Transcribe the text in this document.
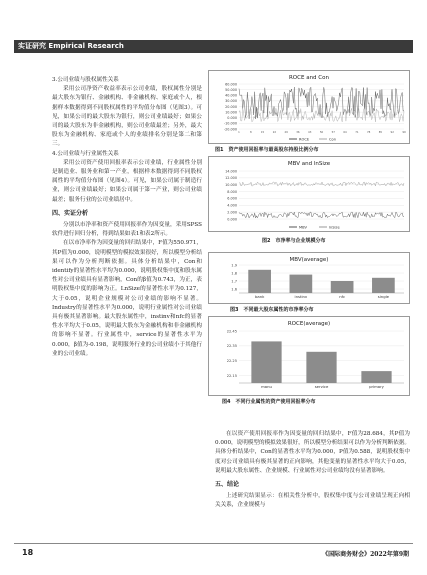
实证研究 Empirical Research

3.公司业绩与股权属性关系

采用公司净资产收益率表示公司业绩，股权属性分别是最大股东为银行、金融机构、非金融机构、家庭或个人，根据样本数据得到不同股权属性的平均值分布图（见图3）。可见，如果公司的最大股东为银行，则公司业绩最好；如果公司的最大股东为非金融机构，则公司业绩最差；另外，最大股东为金融机构、家庭或个人的业绩排名分别是第二和第三。

4.公司业绩与行业属性关系

采用公司资产使用回报率表示公司业绩，行业属性分别是制造业、服务业和第一产业，根据样本数据得到不同股权属性的平均值分布图（见图4）。可见，如果公司属于制造行业，则公司业绩最好；如果公司属于第一产业，则公司业绩最差；服务行业的公司业绩居中。

四、实证分析

分别以市净率和资产使用回报率作为因变量，采用SPSS软件进行回归分析，得到结果如表1和表2所示。

在以市净率作为因变量的回归结果中，F值为550.971，其P值为0.000，说明模型的模拟效果很好，所以模型分析结果可以作为分析判断依据。具体分析结果中，Con和identify的显著性水平均为0.000，说明股权集中度和股东属性对公司业绩具有显著影响，Con的β值为0.743，为正，表明股权集中度的影响为正。LnSize的显著性水平为0.127，大于0.05，说明企业规模对公司业绩的影响不显著。Industry的显著性水平为0.000，说明行业属性对公司业绩具有极其显著影响。最大股东属性中，instinv和nfc的显著性水平均大于0.05，说明最大股东为金融机构和非金融机构的影响不显著。行业属性中，service的显著性水平为0.000，β值为-0.198，说明服务行业的公司业绩小于其他行业的公司业绩。

在以资产使用回报率作为因变量的回归结果中，F值为28.684，其P值为0.000，说明模型的模拟效果很好，所以模型分析结果可以作为分析判断依据。具体分析结果中，Con的显著性水平均为0.000，P值为0.588，说明股权集中度对公司业绩具有极其显著的正向影响，其他变量的显著性水平均大于0.05，说明最大股东属性、企业规模、行业属性对公司业绩均没有显著影响。

五、结论

上述研究结果显示：在相关性分析中，股权集中度与公司业绩呈现正向相关关系，企业规模与

ROCE and Con
60.000
50.000
40.000
30.000
20.000
10.000
0.000
-10.000
-20.000
1	8	15	22	29	36	43	50	57	64	71	78	85	92	99
ROCE	Con
图1　资产使用回报率与最高股东持股比例分布
MBV and lnSize
14.000
12.000
10.000
8.000
6.000
4.000
2.000
0.000
MBV	lnSize
图2　市净率与企业规模分布
MBV(average)
1.9
1.8
1.7
1.6
bank	instinv	nfc	single
图3　不同最大股东属性的市净率分布
ROCE(average)
22.45
22.35
22.25
22.15
manu	service	primary
图4　不同行业属性的资产使用回报率分布
18	《国际商务财会》2022年第9期
